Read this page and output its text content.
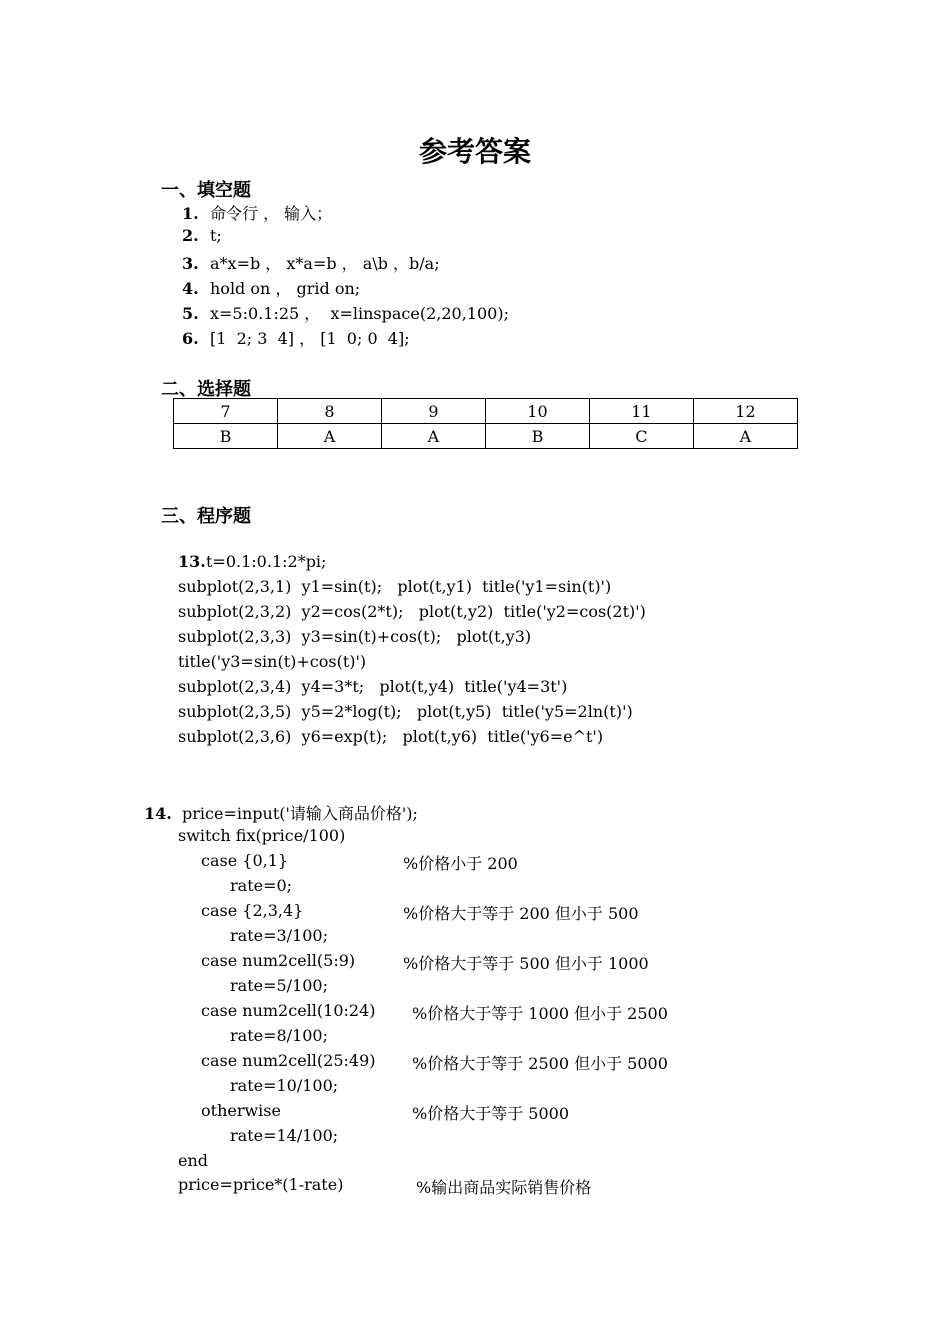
参考答案
一、填空题
1. 命令行 ， 输入；
2. t;
3. a*x=b ， x*a=b ， a\b ，b/a;
4. hold on ， grid on;
5. x=5:0.1:25 ，  x=linspace(2,20,100);
6. [1  2; 3  4] ， [1  0; 0  4];
二、选择题
7	8	9	10	11	12
B	A	A	B	C	A
三、程序题
13.t=0.1:0.1:2*pi;
subplot(2,3,1)  y1=sin(t);   plot(t,y1)  title('y1=sin(t)')
subplot(2,3,2)  y2=cos(2*t);   plot(t,y2)  title('y2=cos(2t)')
subplot(2,3,3)  y3=sin(t)+cos(t);   plot(t,y3)
title('y3=sin(t)+cos(t)')
subplot(2,3,4)  y4=3*t;   plot(t,y4)  title('y4=3t')
subplot(2,3,5)  y5=2*log(t);   plot(t,y5)  title('y5=2ln(t)')
subplot(2,3,6)  y6=exp(t);   plot(t,y6)  title('y6=e^t')
14. price=input('请输入商品价格');
switch fix(price/100)
case {0,1}	%价格小于 200
rate=0;
case {2,3,4}	%价格大于等于 200 但小于 500
rate=3/100;
case num2cell(5:9)	%价格大于等于 500 但小于 1000
rate=5/100;
case num2cell(10:24) %价格大于等于 1000 但小于 2500
rate=8/100;
case num2cell(25:49) %价格大于等于 2500 但小于 5000
rate=10/100;
otherwise	%价格大于等于 5000
rate=14/100;
end
price=price*(1-rate)	%输出商品实际销售价格
